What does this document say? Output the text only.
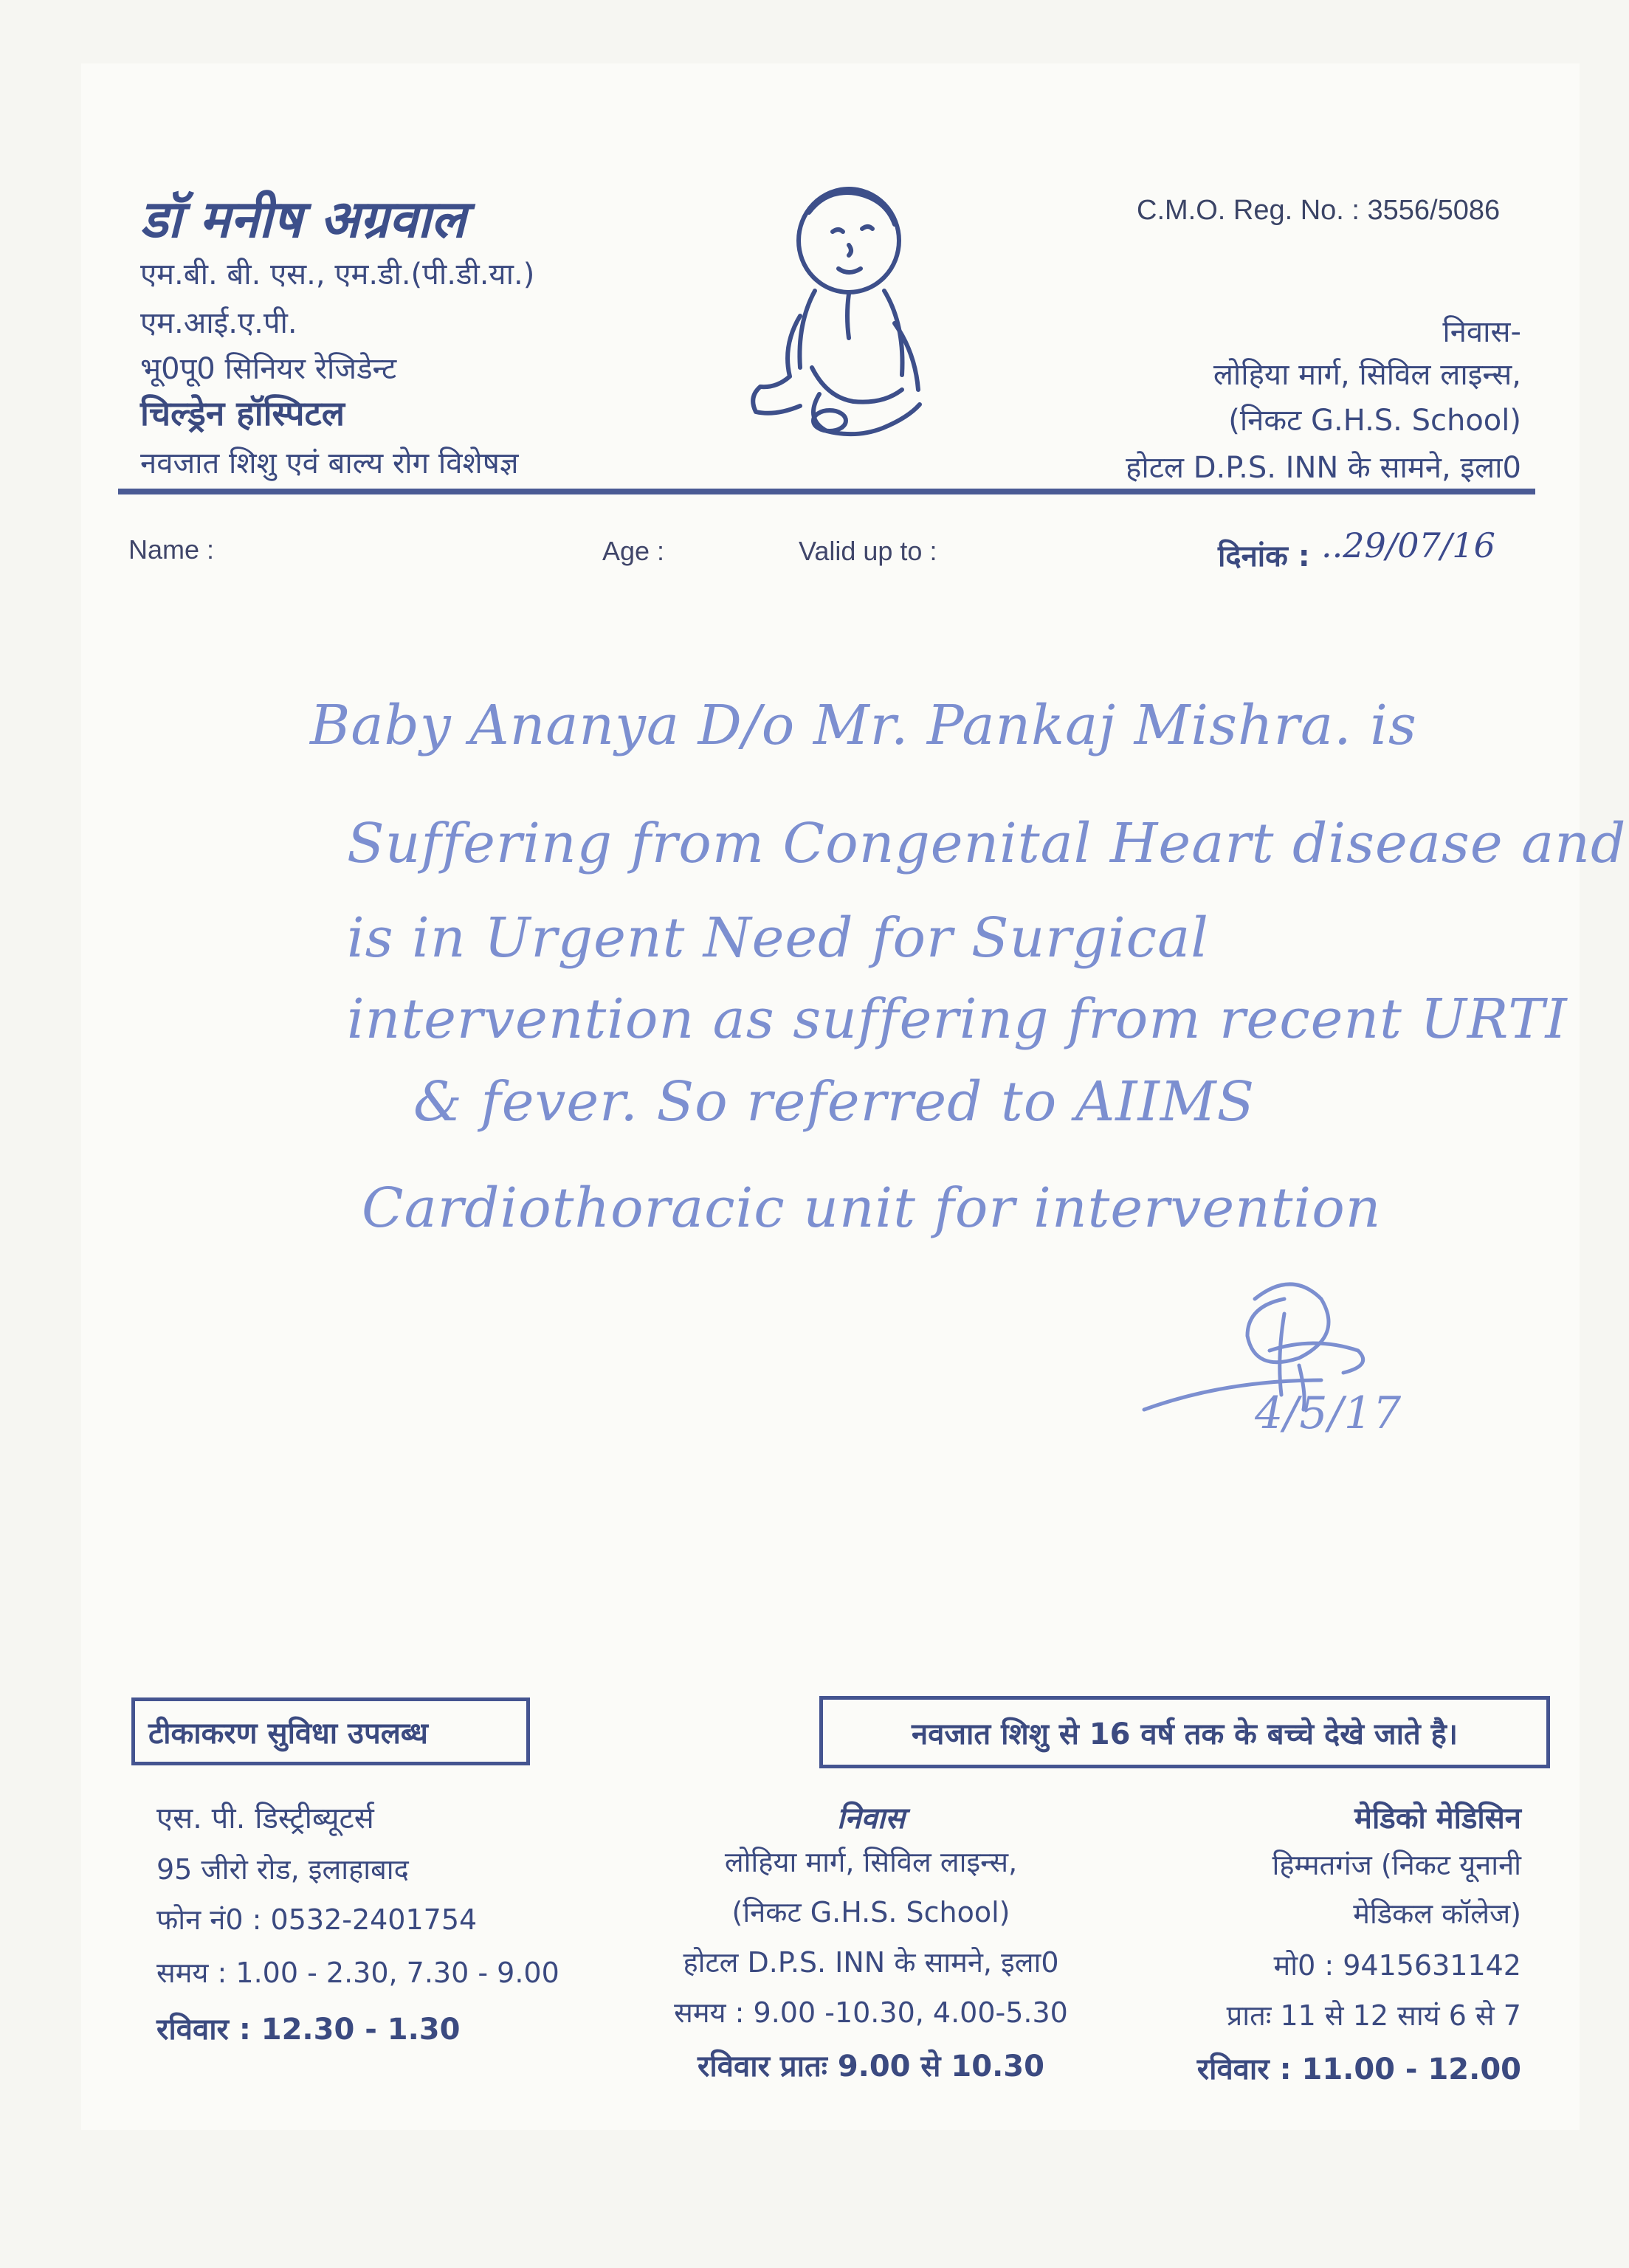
डॉ मनीष अग्रवाल
एम.बी. बी. एस., एम.डी.(पी.डी.या.)
एम.आई.ए.पी.
भू0पू0 सिनियर रेजिडेन्ट
चिल्ड्रेन हॉस्पिटल
नवजात शिशु एवं बाल्य रोग विशेषज्ञ
C.M.O. Reg. No. : 3556/5086
निवास-
लोहिया मार्ग, सिविल लाइन्स,
(निकट G.H.S. School)
होटल D.P.S. INN के सामने, इला0
Name :	Age :	Valid up to :	दिनांक : ..29/07/16
Baby Ananya D/o Mr. Pankaj Mishra. is
Suffering from Congenital Heart disease and
is in Urgent Need for Surgical
intervention as suffering from recent URTI
& fever. So referred to AIIMS
Cardiothoracic unit for intervention
4/5/17
टीकाकरण सुविधा उपलब्ध	नवजात शिशु से 16 वर्ष तक के बच्चे देखे जाते है।
एस. पी. डिस्ट्रीब्यूटर्स
95 जीरो रोड, इलाहाबाद
फोन नं0 : 0532-2401754
समय : 1.00 - 2.30, 7.30 - 9.00
रविवार : 12.30 - 1.30
निवास
लोहिया मार्ग, सिविल लाइन्स,
(निकट G.H.S. School)
होटल D.P.S. INN के सामने, इला0
समय : 9.00 -10.30, 4.00-5.30
रविवार प्रातः 9.00 से 10.30
मेडिको मेडिसिन
हिम्मतगंज (निकट यूनानी
मेडिकल कॉलेज)
मो0 : 9415631142
प्रातः 11 से 12 सायं 6 से 7
रविवार : 11.00 - 12.00
